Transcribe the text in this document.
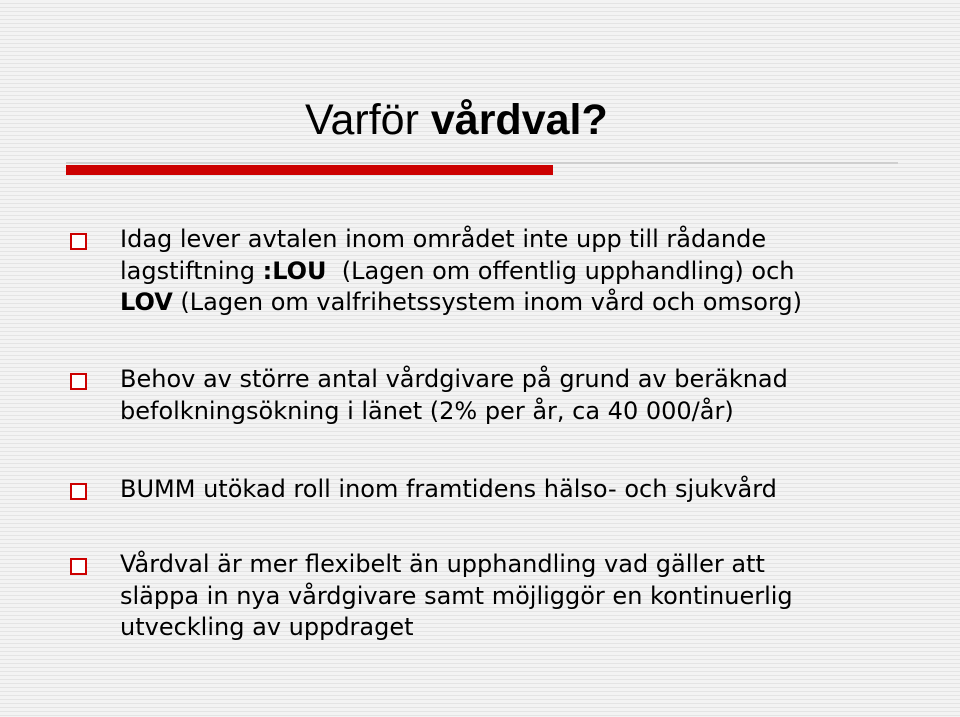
Varför vårdval?
Idag lever avtalen inom området inte upp till rådande
lagstiftning :LOU  (Lagen om offentlig upphandling) och
LOV (Lagen om valfrihetssystem inom vård och omsorg)
Behov av större antal vårdgivare på grund av beräknad
befolkningsökning i länet (2% per år, ca 40 000/år)
BUMM utökad roll inom framtidens hälso- och sjukvård
Vårdval är mer flexibelt än upphandling vad gäller att
släppa in nya vårdgivare samt möjliggör en kontinuerlig
utveckling av uppdraget
